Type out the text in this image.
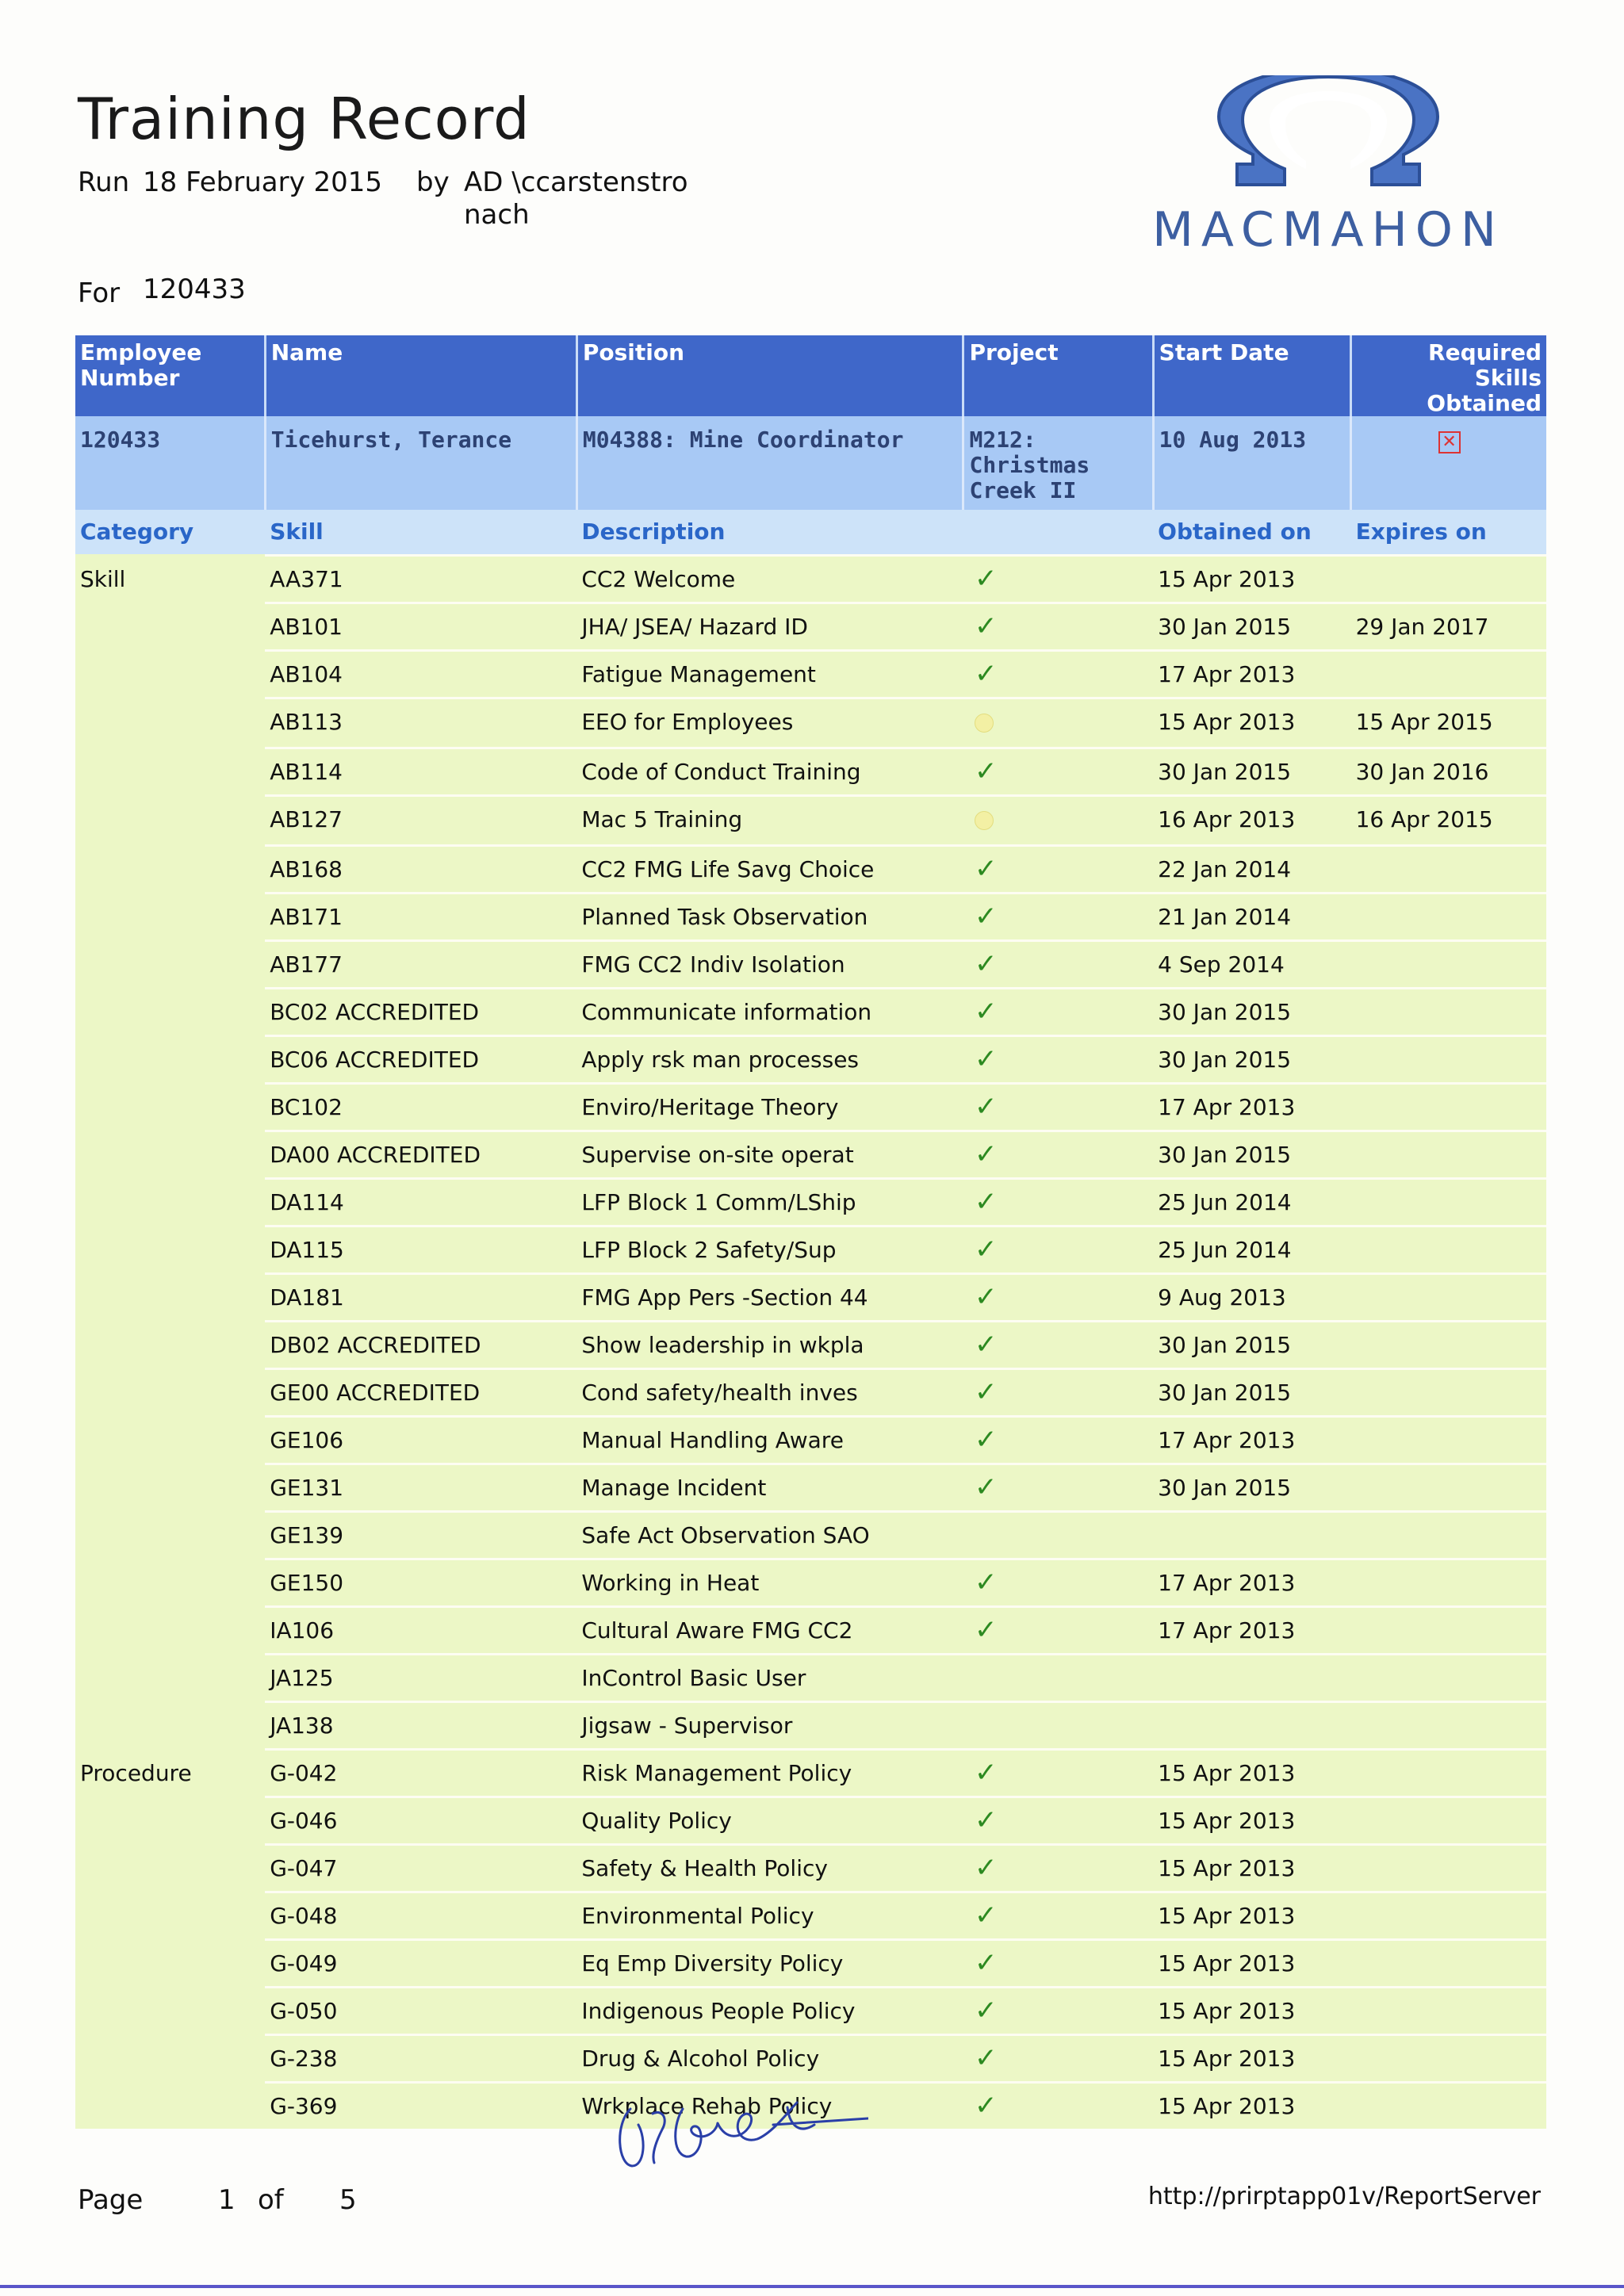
Training Record
Run 18 February 2015 by AD \ccarstenstronach
For 120433
MACMAHON
Employee Number	Name	Position	Project	Start Date	Required Skills Obtained
120433	Ticehurst, Terance	M04388: Mine Coordinator	M212: Christmas Creek II	10 Aug 2013	✕
Category	Skill	Description		Obtained on	Expires on
Skill	AA371	CC2 Welcome	✓	15 Apr 2013	
	AB101	JHA/ JSEA/ Hazard ID	✓	30 Jan 2015	29 Jan 2017
	AB104	Fatigue Management	✓	17 Apr 2013	
	AB113	EEO for Employees		15 Apr 2013	15 Apr 2015
	AB114	Code of Conduct Training	✓	30 Jan 2015	30 Jan 2016
	AB127	Mac 5 Training		16 Apr 2013	16 Apr 2015
	AB168	CC2 FMG Life Savg Choice	✓	22 Jan 2014	
	AB171	Planned Task Observation	✓	21 Jan 2014	
	AB177	FMG CC2 Indiv Isolation	✓	4 Sep 2014	
	BC02 ACCREDITED	Communicate information	✓	30 Jan 2015	
	BC06 ACCREDITED	Apply rsk man processes	✓	30 Jan 2015	
	BC102	Enviro/Heritage Theory	✓	17 Apr 2013	
	DA00 ACCREDITED	Supervise on-site operat	✓	30 Jan 2015	
	DA114	LFP Block 1 Comm/LShip	✓	25 Jun 2014	
	DA115	LFP Block 2 Safety/Sup	✓	25 Jun 2014	
	DA181	FMG App Pers -Section 44	✓	9 Aug 2013	
	DB02 ACCREDITED	Show leadership in wkpla	✓	30 Jan 2015	
	GE00 ACCREDITED	Cond safety/health inves	✓	30 Jan 2015	
	GE106	Manual Handling Aware	✓	17 Apr 2013	
	GE131	Manage Incident	✓	30 Jan 2015	
	GE139	Safe Act Observation SAO			
	GE150	Working in Heat	✓	17 Apr 2013	
	IA106	Cultural Aware FMG CC2	✓	17 Apr 2013	
	JA125	InControl Basic User			
	JA138	Jigsaw - Supervisor			
Procedure	G-042	Risk Management Policy	✓	15 Apr 2013	
	G-046	Quality Policy	✓	15 Apr 2013	
	G-047	Safety & Health Policy	✓	15 Apr 2013	
	G-048	Environmental Policy	✓	15 Apr 2013	
	G-049	Eq Emp Diversity Policy	✓	15 Apr 2013	
	G-050	Indigenous People Policy	✓	15 Apr 2013	
	G-238	Drug & Alcohol Policy	✓	15 Apr 2013	
	G-369	Wrkplace Rehab Policy	✓	15 Apr 2013	
Page	1 of 5	http://prirptapp01v/ReportServer
